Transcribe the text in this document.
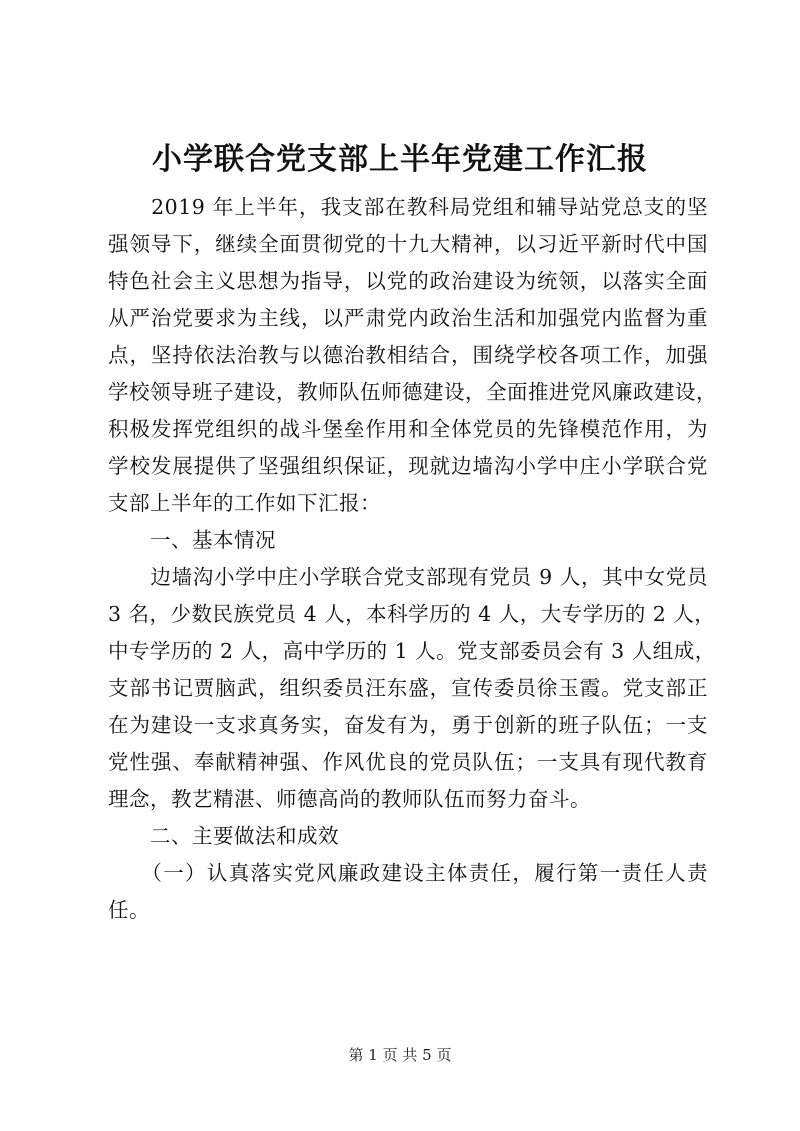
小学联合党支部上半年党建工作汇报
　　2019 年上半年，我支部在教科局党组和辅导站党总支的坚
强领导下，继续全面贯彻党的十九大精神，以习近平新时代中国
特色社会主义思想为指导，以党的政治建设为统领，以落实全面
从严治党要求为主线，以严肃党内政治生活和加强党内监督为重
点，坚持依法治教与以德治教相结合，围绕学校各项工作，加强
学校领导班子建设，教师队伍师德建设，全面推进党风廉政建设，
积极发挥党组织的战斗堡垒作用和全体党员的先锋模范作用，为
学校发展提供了坚强组织保证，现就边墙沟小学中庄小学联合党
支部上半年的工作如下汇报：
　　一、基本情况
　　边墙沟小学中庄小学联合党支部现有党员 9 人，其中女党员
3 名，少数民族党员 4 人，本科学历的 4 人，大专学历的 2 人，
中专学历的 2 人，高中学历的 1 人。党支部委员会有 3 人组成，
支部书记贾脑武，组织委员汪东盛，宣传委员徐玉霞。党支部正
在为建设一支求真务实，奋发有为，勇于创新的班子队伍；一支
党性强、奉献精神强、作风优良的党员队伍；一支具有现代教育
理念，教艺精湛、师德高尚的教师队伍而努力奋斗。
　　二、主要做法和成效
　　（一）认真落实党风廉政建设主体责任，履行第一责任人责
任。
第 1 页 共 5 页
